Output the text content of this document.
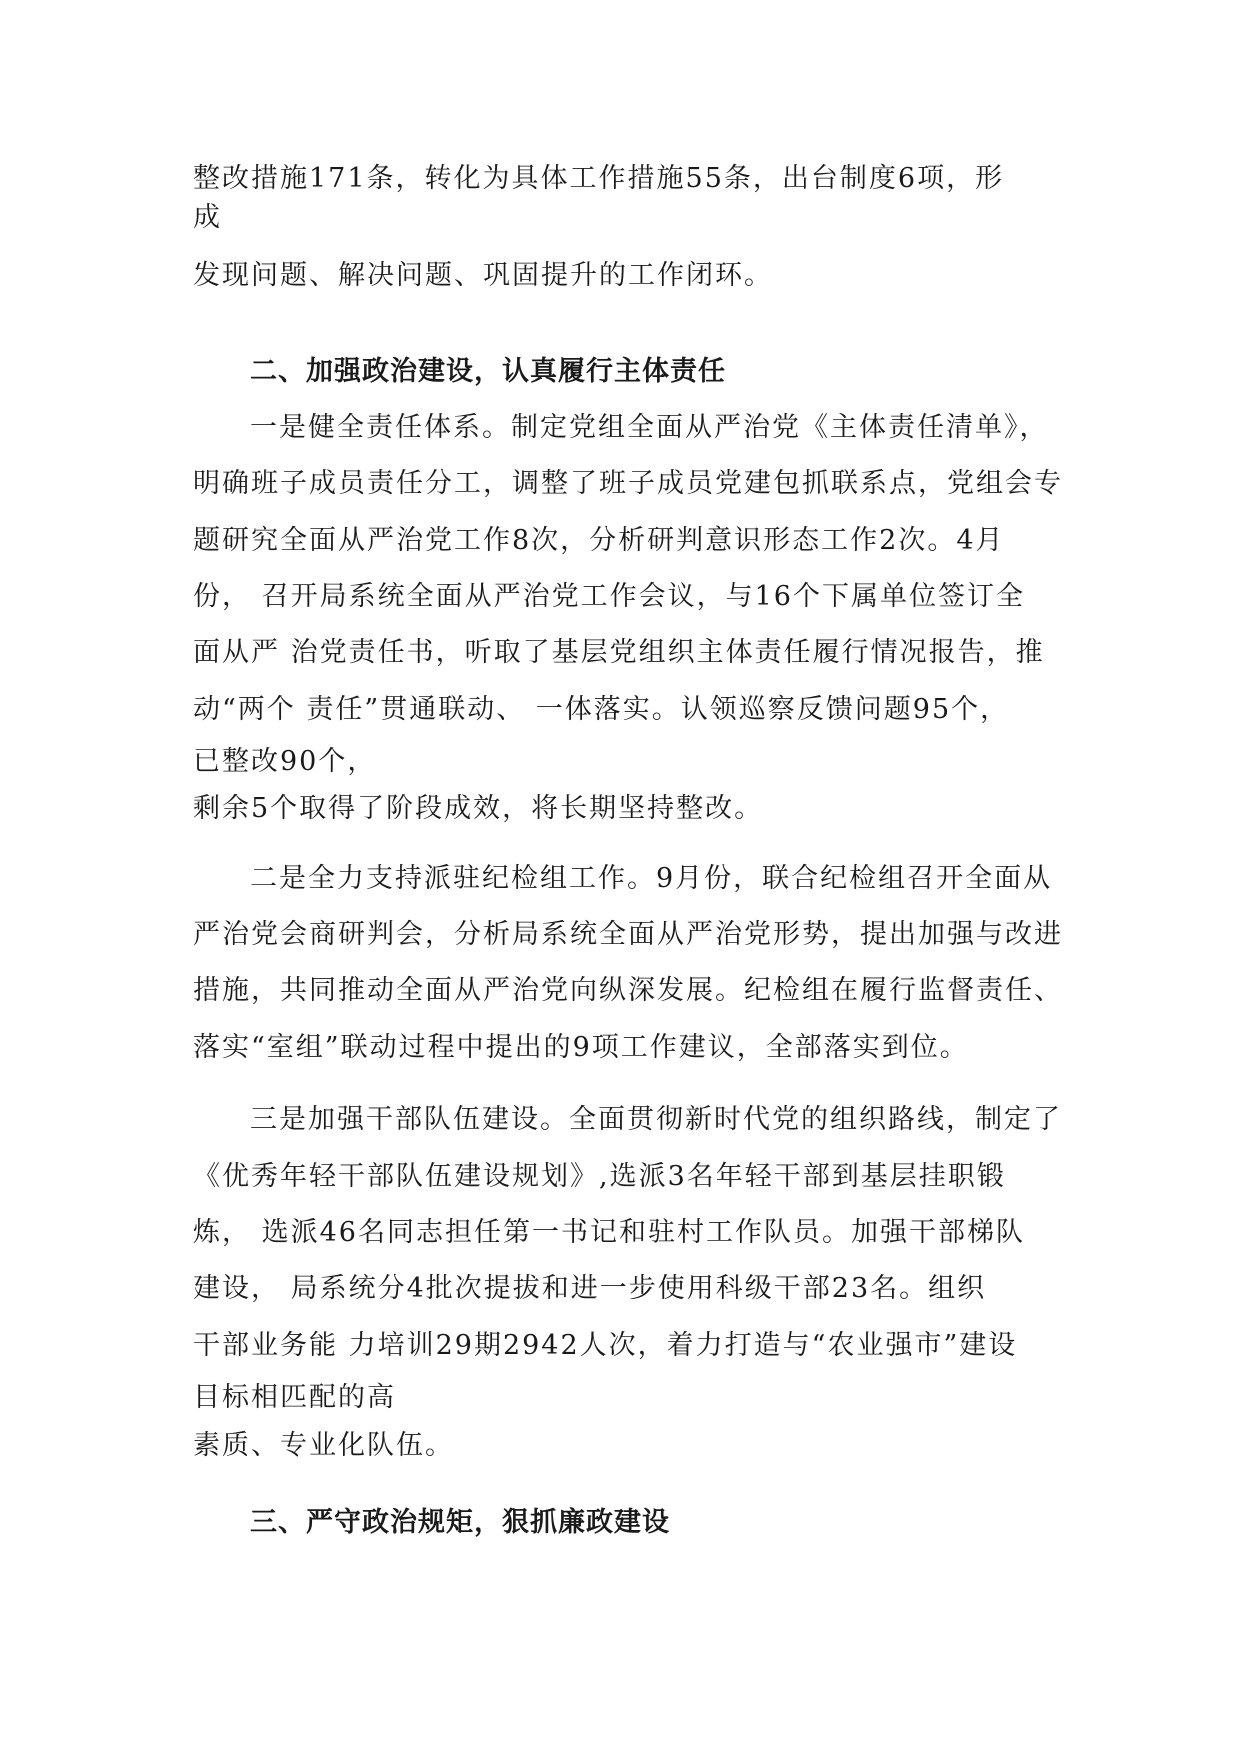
整改措施171条，转化为具体工作措施55条，出台制度6项，形
成
发现问题、解决问题、巩固提升的工作闭环。
二、加强政治建设，认真履行主体责任
一是健全责任体系。制定党组全面从严治党《主体责任清单》，
明确班子成员责任分工，调整了班子成员党建包抓联系点，党组会专
题研究全面从严治党工作8次，分析研判意识形态工作2次。4月
份， 召开局系统全面从严治党工作会议，与16个下属单位签订全
面从严 治党责任书，听取了基层党组织主体责任履行情况报告，推
动“两个 责任”贯通联动、 一体落实。认领巡察反馈问题95个，
已整改90个，
剩余5个取得了阶段成效，将长期坚持整改。
二是全力支持派驻纪检组工作。9月份，联合纪检组召开全面从
严治党会商研判会，分析局系统全面从严治党形势，提出加强与改进
措施，共同推动全面从严治党向纵深发展。纪检组在履行监督责任、
落实“室组”联动过程中提出的9项工作建议，全部落实到位。
三是加强干部队伍建设。全面贯彻新时代党的组织路线，制定了
《优秀年轻干部队伍建设规划》,选派3名年轻干部到基层挂职锻
炼， 选派46名同志担任第一书记和驻村工作队员。加强干部梯队
建设， 局系统分4批次提拔和进一步使用科级干部23名。组织
干部业务能 力培训29期2942人次，着力打造与“农业强市”建设
目标相匹配的高
素质、专业化队伍。
三、严守政治规矩，狠抓廉政建设
